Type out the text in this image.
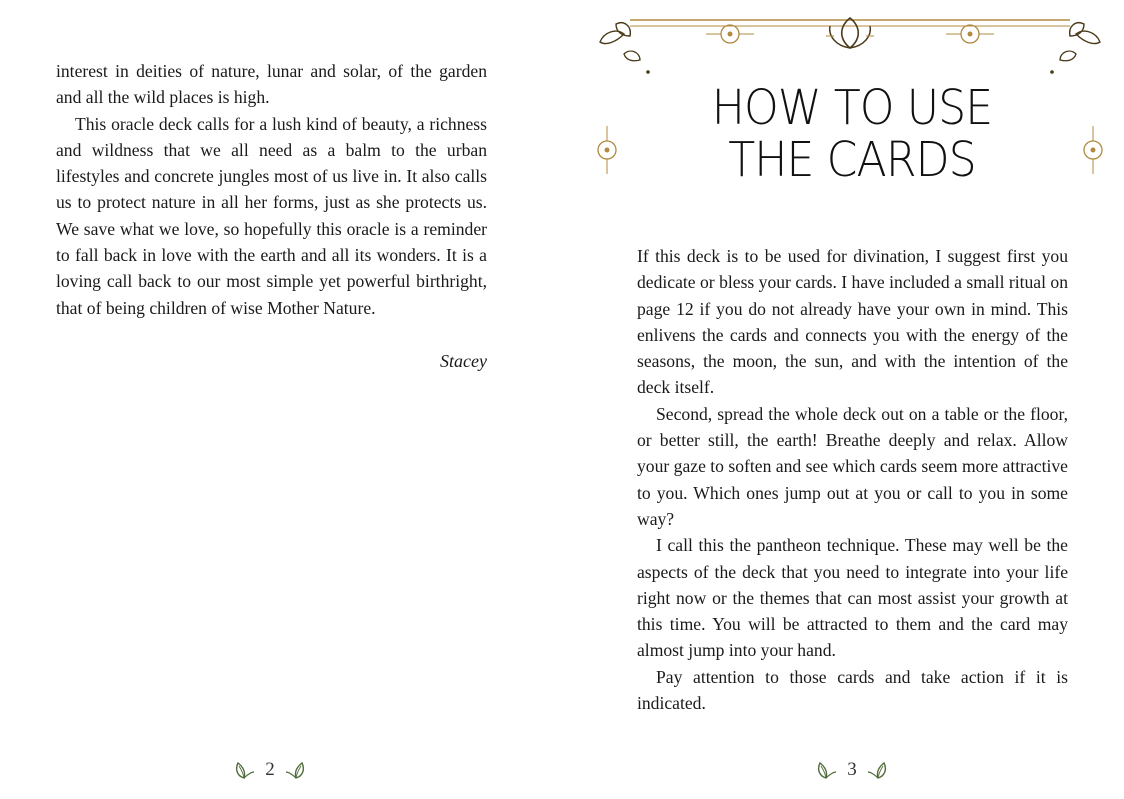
interest in deities of nature, lunar and solar, of the garden and all the wild places is high.

This oracle deck calls for a lush kind of beauty, a richness and wildness that we all need as a balm to the urban lifestyles and concrete jungles most of us live in. It also calls us to protect nature in all her forms, just as she protects us. We save what we love, so hopefully this oracle is a reminder to fall back in love with the earth and all its wonders. It is a loving call back to our most simple yet powerful birthright, that of being children of wise Mother Nature.

Stacey
2
HOW TO USE
THE CARDS

If this deck is to be used for divination, I suggest first you dedicate or bless your cards. I have included a small ritual on page 12 if you do not already have your own in mind. This enlivens the cards and connects you with the energy of the seasons, the moon, the sun, and with the intention of the deck itself.

Second, spread the whole deck out on a table or the floor, or better still, the earth! Breathe deeply and relax. Allow your gaze to soften and see which cards seem more attractive to you. Which ones jump out at you or call to you in some way?

I call this the pantheon technique. These may well be the aspects of the deck that you need to integrate into your life right now or the themes that can most assist your growth at this time. You will be attracted to them and the card may almost jump into your hand.

Pay attention to those cards and take action if it is indicated.

3
